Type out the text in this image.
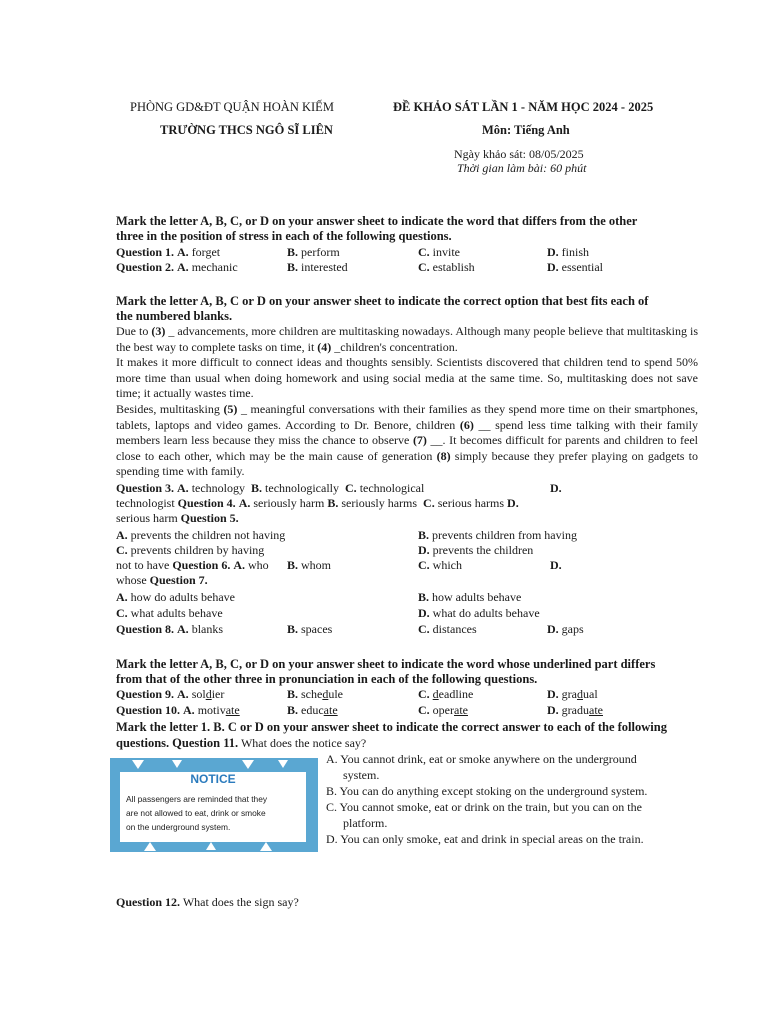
PHÒNG GD&ĐT QUẬN HOÀN KIẾM
TRƯỜNG THCS NGÔ SĨ LIÊN
ĐỀ KHẢO SÁT LẦN 1 - NĂM HỌC 2024 - 2025
Môn: Tiếng Anh
Ngày khảo sát: 08/05/2025
Thời gian làm bài: 60 phút
Mark the letter A, B, C, or D on your answer sheet to indicate the word that differs from the other
three in the position of stress in each of the following questions.
Question 1. A. forget	B. perform	C. invite	D. finish
Question 2. A. mechanic	B. interested	C. establish	D. essential
Mark the letter A, B, C or D on your answer sheet to indicate the correct option that best fits each of
the numbered blanks.
Due to (3) _ advancements, more children are multitasking nowadays. Although many people believe that multitasking is the best way to complete tasks on time, it (4) _children's concentration.
It makes it more difficult to connect ideas and thoughts sensibly. Scientists discovered that children tend to spend 50% more time than usual when doing homework and using social media at the same time. So, multitasking does not save time; it actually wastes time.
Besides, multitasking (5) _ meaningful conversations with their families as they spend more time on their smartphones, tablets, laptops and video games. According to Dr. Benore, children (6) __ spend less time talking with their family members learn less because they miss the chance to observe (7) __. It becomes difficult for parents and children to feel close to each other, which may be the main cause of generation (8) simply because they prefer playing on gadgets to spending time with family.
Question 3. A. technology B. technologically C. technological	D.
technologist Question 4. A. seriously harm B. seriously harms C. serious harms D.
serious harm Question 5.
A. prevents the children not having	B. prevents children from having
C. prevents children by having	D. prevents the children
not to have Question 6. A. who B. whom	C. which	D.
whose Question 7.
A. how do adults behave	B. how adults behave
C. what adults behave	D. what do adults behave
Question 8. A. blanks	B. spaces	C. distances	D. gaps
Mark the letter A, B, C, or D on your answer sheet to indicate the word whose underlined part differs
from that of the other three in pronunciation in each of the following questions.
Question 9. A. soldier	B. schedule	C. deadline	D. gradual
Question 10. A. motivate	B. educate	C. operate	D. graduate
Mark the letter 1. B. C or D on your answer sheet to indicate the correct answer to each of the following
questions. Question 11. What does the notice say?
NOTICE
All passengers are reminded that they
are not allowed to eat, drink or smoke
on the underground system.
A. You cannot drink, eat or smoke anywhere on the underground
system.
B. You can do anything except stoking on the underground system.
C. You cannot smoke, eat or drink on the train, but you can on the
platform.
D. You can only smoke, eat and drink in special areas on the train.
Question 12. What does the sign say?
